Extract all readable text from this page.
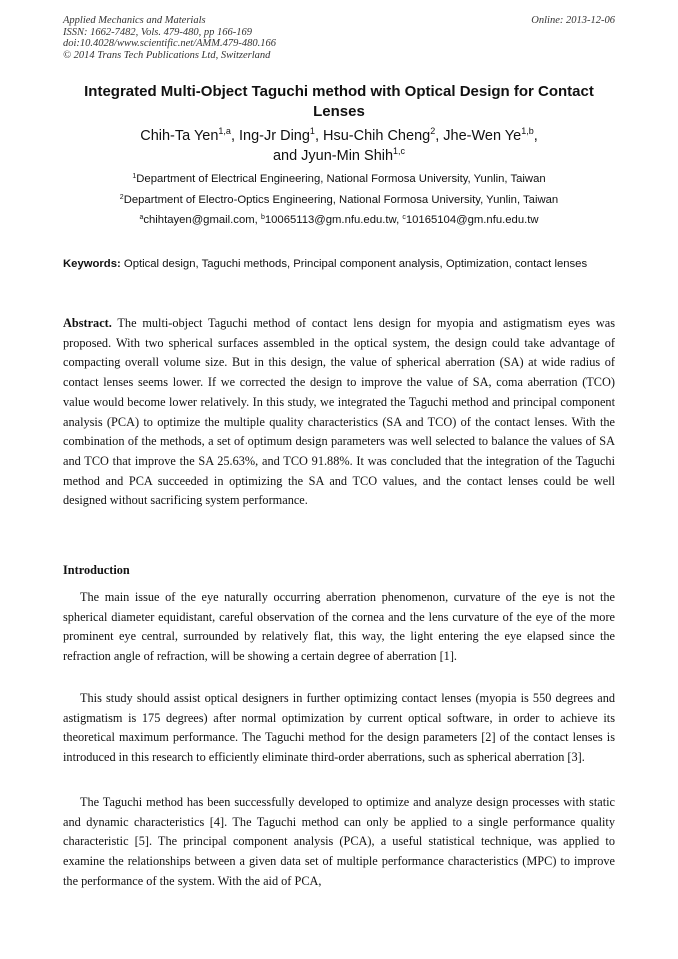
Applied Mechanics and Materials
ISSN: 1662-7482, Vols. 479-480, pp 166-169
doi:10.4028/www.scientific.net/AMM.479-480.166
© 2014 Trans Tech Publications Ltd, Switzerland
Online: 2013-12-06
Integrated Multi-Object Taguchi method with Optical Design for Contact Lenses
Chih-Ta Yen$^{1,a}$, Ing-Jr Ding$^1$, Hsu-Chih Cheng$^2$, Jhe-Wen Ye$^{1,b}$,
and Jyun-Min Shih$^{1,c}$
$^1$Department of Electrical Engineering, National Formosa University, Yunlin, Taiwan
$^2$Department of Electro-Optics Engineering, National Formosa University, Yunlin, Taiwan
$^a$chihtayen@gmail.com, $^b$10065113@gm.nfu.edu.tw, $^c$10165104@gm.nfu.edu.tw
Keywords: Optical design, Taguchi methods, Principal component analysis, Optimization, contact lenses
Abstract. The multi-object Taguchi method of contact lens design for myopia and astigmatism eyes was proposed. With two spherical surfaces assembled in the optical system, the design could take advantage of compacting overall volume size. But in this design, the value of spherical aberration (SA) at wide radius of contact lenses seems lower. If we corrected the design to improve the value of SA, coma aberration (TCO) value would become lower relatively. In this study, we integrated the Taguchi method and principal component analysis (PCA) to optimize the multiple quality characteristics (SA and TCO) of the contact lenses. With the combination of the methods, a set of optimum design parameters was well selected to balance the values of SA and TCO that improve the SA 25.63%, and TCO 91.88%. It was concluded that the integration of the Taguchi method and PCA succeeded in optimizing the SA and TCO values, and the contact lenses could be well designed without sacrificing system performance.
Introduction
The main issue of the eye naturally occurring aberration phenomenon, curvature of the eye is not the spherical diameter equidistant, careful observation of the cornea and the lens curvature of the eye of the more prominent eye central, surrounded by relatively flat, this way, the light entering the eye elapsed since the refraction angle of refraction, will be showing a certain degree of aberration [1].
This study should assist optical designers in further optimizing contact lenses (myopia is 550 degrees and astigmatism is 175 degrees) after normal optimization by current optical software, in order to achieve its theoretical maximum performance. The Taguchi method for the design parameters [2] of the contact lenses is introduced in this research to efficiently eliminate third-order aberrations, such as spherical aberration [3].
The Taguchi method has been successfully developed to optimize and analyze design processes with static and dynamic characteristics [4]. The Taguchi method can only be applied to a single performance quality characteristic [5]. The principal component analysis (PCA), a useful statistical technique, was applied to examine the relationships between a given data set of multiple performance characteristics (MPC) to improve the performance of the system. With the aid of PCA,
